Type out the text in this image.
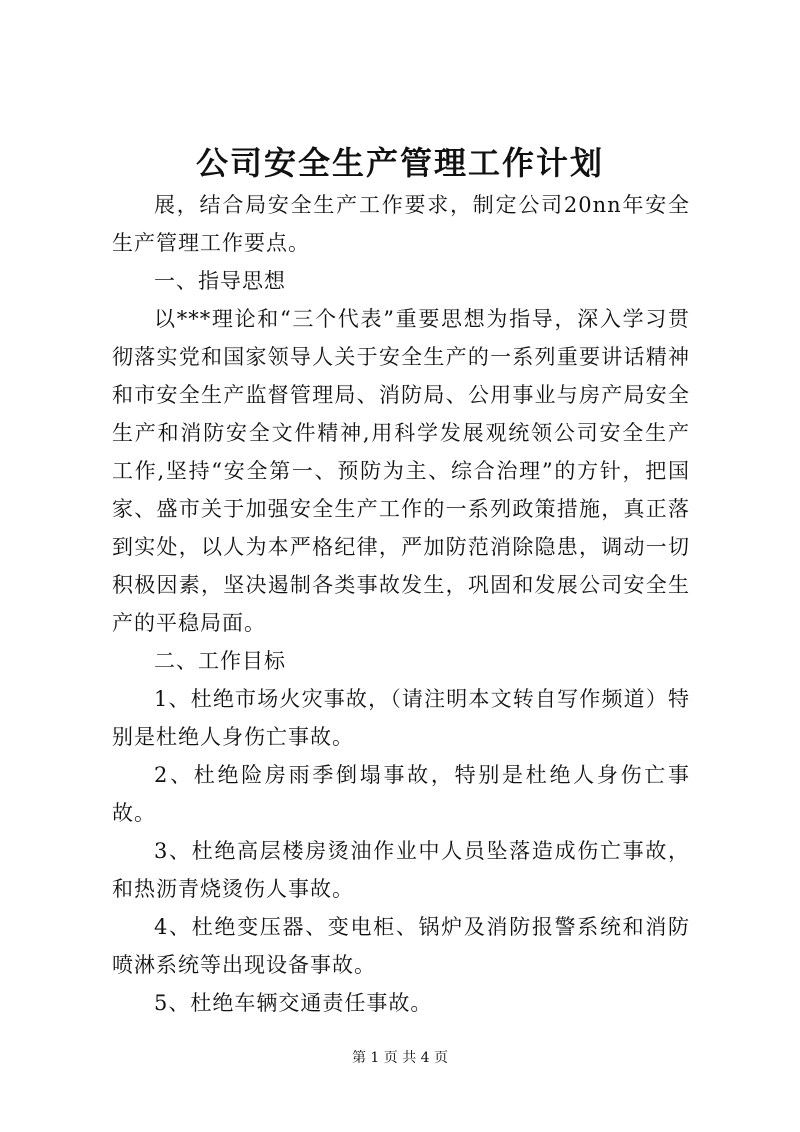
公司安全生产管理工作计划

展，结合局安全生产工作要求，制定公司20nn年安全生产管理工作要点。

一、指导思想

以***理论和“三个代表”重要思想为指导，深入学习贯彻落实党和国家领导人关于安全生产的一系列重要讲话精神和市安全生产监督管理局、消防局、公用事业与房产局安全生产和消防安全文件精神,用科学发展观统领公司安全生产工作,坚持“安全第一、预防为主、综合治理”的方针，把国家、盛市关于加强安全生产工作的一系列政策措施，真正落到实处，以人为本严格纪律，严加防范消除隐患，调动一切积极因素，坚决遏制各类事故发生，巩固和发展公司安全生产的平稳局面。

二、工作目标

1、杜绝市场火灾事故，（请注明本文转自写作频道）特别是杜绝人身伤亡事故。

2、杜绝险房雨季倒塌事故，特别是杜绝人身伤亡事故。

3、杜绝高层楼房烫油作业中人员坠落造成伤亡事故，和热沥青烧烫伤人事故。

4、杜绝变压器、变电柜、锅炉及消防报警系统和消防喷淋系统等出现设备事故。

5、杜绝车辆交通责任事故。

第 1 页 共 4 页
